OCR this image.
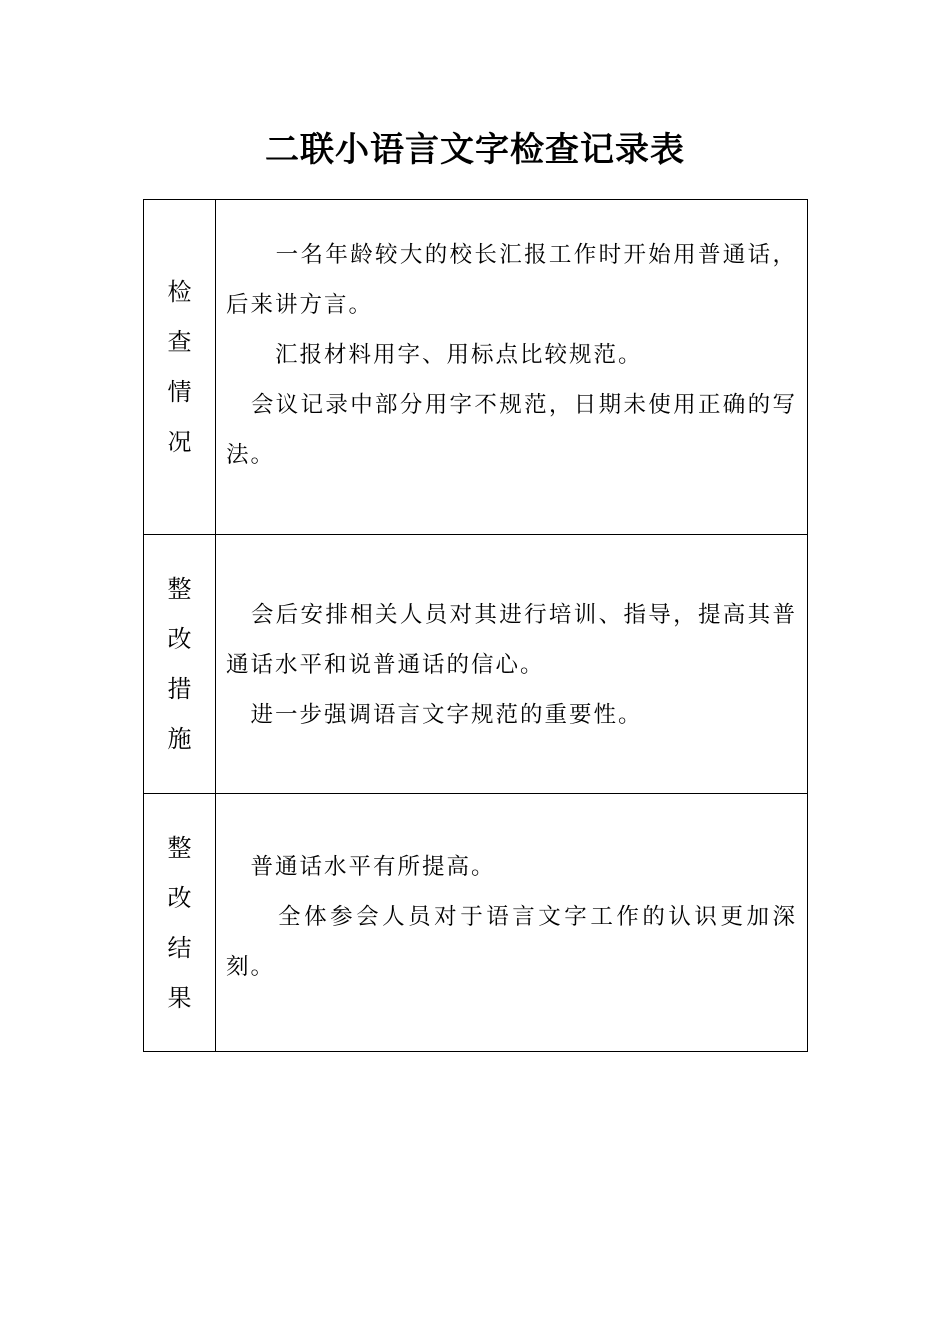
二联小语言文字检查记录表
检查情况	　　一名年龄较大的校长汇报工作时开始用普通话，后来讲方言。

　　汇报材料用字、用标点比较规范。

　会议记录中部分用字不规范，日期未使用正确的写法。

整改措施	　会后安排相关人员对其进行培训、指导，提高其普通话水平和说普通话的信心。

　进一步强调语言文字规范的重要性。

整改结果	　普通话水平有所提高。

　　全体参会人员对于语言文字工作的认识更加深刻。
